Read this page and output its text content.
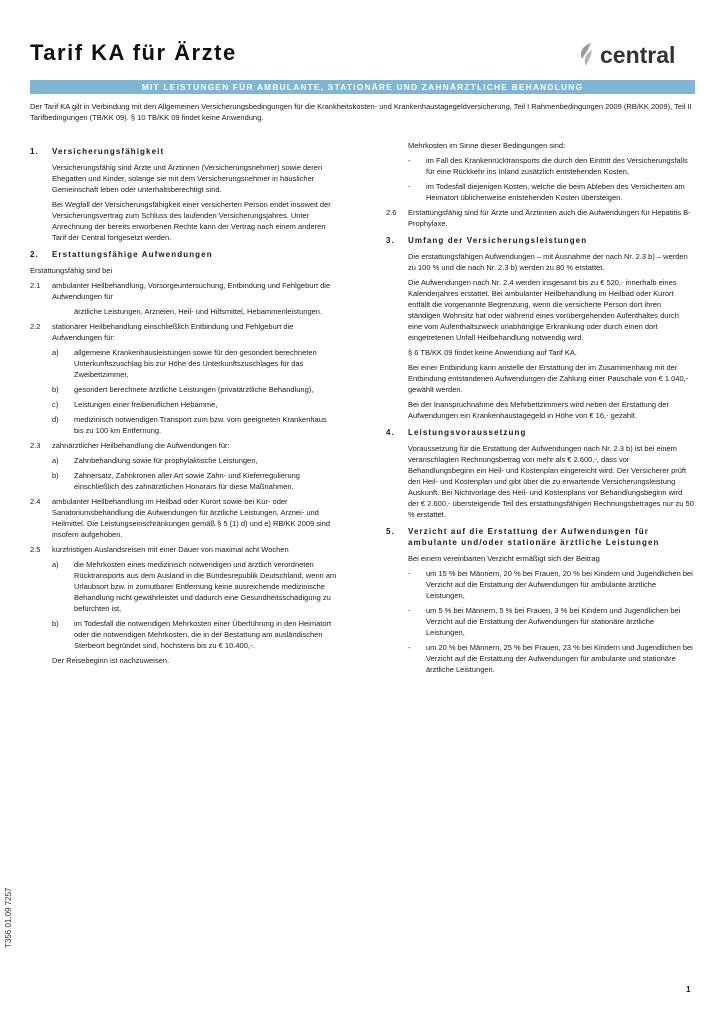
Tarif KA für Ärzte	central
MIT LEISTUNGEN FÜR AMBULANTE, STATIONÄRE UND ZAHNÄRZTLICHE BEHANDLUNG

Der Tarif KA gilt in Verbindung mit den Allgemeinen Versicherungsbedingungen für die Krankheitskosten- und Krankenhaustagegeldversicherung, Teil I Rahmenbedingungen 2009 (RB/KK 2009), Teil II Tarifbedingungen (TB/KK 09). § 10 TB/KK 09 findet keine Anwendung.

1.	Versicherungsfähigkeit

Versicherungsfähig sind Ärzte und Ärztinnen (Versicherungsnehmer) sowie deren Ehegatten und Kinder, solange sie mit dem Versicherungsnehmer in häuslicher Gemeinschaft leben oder unterhaltsberechtigt sind.

Bei Wegfall der Versicherungsfähigkeit einer versicherten Person endet insoweit der Versicherungsvertrag zum Schluss des laufenden Versicherungsjahres. Unter Anrechnung der bereits erworbenen Rechte kann der Vertrag nach einem anderen Tarif der Central fortgesetzt werden.

2.	Erstattungsfähige Aufwendungen

Erstattungsfähig sind bei

2.1	ambulanter Heilbehandlung, Vorsorgeuntersuchung, Entbindung und Fehlgeburt die Aufwendungen für

ärztliche Leistungen, Arzneien, Heil- und Hilfsmittel, Hebammenleistungen.

2.2	stationärer Heilbehandlung einschließlich Entbindung und Fehlgeburt die Aufwendungen für:
a)	allgemeine Krankenhausleistungen sowie für den gesondert berechneten Unterkunftszuschlag bis zur Höhe des Unterkunftszuschlages für das Zweibettzimmer,
b)	gesondert berechnete ärztliche Leistungen (privatärztliche Behandlung),
c)	Leistungen einer freiberuflichen Hebamme,
d)	medizinisch notwendigen Transport zum bzw. vom geeigneten Krankenhaus bis zu 100 km Entfernung.
2.3	zahnärztlicher Heilbehandlung die Aufwendungen für:
a)	Zahnbehandlung sowie für prophylaktische Leistungen,
b)	Zahnersatz, Zahnkronen aller Art sowie Zahn- und Kieferregulierung einschließlich des zahnärztlichen Honorars für diese Maßnahmen.
2.4	ambulanter Heilbehandlung im Heilbad oder Kurort sowie bei Kur- oder Sanatoriumsbehandlung die Aufwendungen für ärztliche Leistungen, Arznei- und Heilmittel. Die Leistungseinschränkungen gemäß § 5 (1) d) und e) RB/KK 2009 sind insofern aufgehoben.
2.5	kurzfristigen Auslandsreisen mit einer Dauer von maximal acht Wochen
a)	die Mehrkosten eines medizinisch notwendigen und ärztlich verordneten Rücktransports aus dem Ausland in die Bundesrepublik Deutschland, wenn am Urlaubsort bzw. in zumutbarer Entfernung keine ausreichende medizinische Behandlung nicht gewährleistet und dadurch eine Gesundheitsschädigung zu befürchten ist,
b)	im Todesfall die notwendigen Mehrkosten einer Überführung in den Heimatort oder die notwendigen Mehrkosten, die in der Bestattung am ausländischen Sterbeort begründet sind, höchstens bis zu € 10.400,-.

Der Reisebeginn ist nachzuweisen.

Mehrkosten im Sinne dieser Bedingungen sind:

-	im Fall des Krankenrücktransports die durch den Eintritt des Versicherungsfalls für eine Rückkehr ins Inland zusätzlich entstehenden Kosten,
-	im Todesfall diejenigen Kosten, welche die beim Ableben des Versicherten am Heimatort üblicherweise entstehenden Kosten übersteigen.
2.6	Erstattungsfähig sind für Ärzte und Ärztinnen auch die Aufwendungen für Hepatitis B-Prophylaxe.
3.	Umfang der Versicherungsleistungen

Die erstattungsfähigen Aufwendungen – mit Ausnahme der nach Nr. 2.3 b) – werden zu 100 % und die nach Nr. 2.3 b) werden zu 80 % erstattet.

Die Aufwendungen nach Nr. 2.4 werden insgesamt bis zu € 520,- innerhalb eines Kalenderjahres erstattet. Bei ambulanter Heilbehandlung im Heilbad oder Kurort entfällt die vorgenannte Begrenzung, wenn die versicherte Person dort ihren ständigen Wohnsitz hat oder während eines vorübergehenden Aufenthaltes durch eine vom Aufenthaltszweck unabhängige Erkrankung oder durch einen dort eingetretenen Unfall Heilbehandlung notwendig wird.

§ 6 TB/KK 09 findet keine Anwendung auf Tarif KA.

Bei einer Entbindung kann anstelle der Erstattung der im Zusammenhang mit der Entbindung entstandenen Aufwendungen die Zahlung einer Pauschale von € 1.040,- gewählt werden.

Bei der Inanspruchnahme des Mehrbettzimmers wird neben der Erstattung der Aufwendungen ein Krankenhaustagegeld in Höhe von € 16,- gezahlt.

4.	Leistungsvoraussetzung

Voraussetzung für die Erstattung der Aufwendungen nach Nr. 2.3 b) ist bei einem veranschlagten Rechnungsbetrag von mehr als € 2.600,-, dass vor Behandlungsbeginn ein Heil- und Kostenplan eingereicht wird. Der Versicherer prüft den Heil- und Kostenplan und gibt über die zu erwartende Versicherungsleistung Auskunft. Bei Nichtvorlage des Heil- und Kostenplans vor Behandlungsbeginn wird der € 2.600,- übersteigende Teil des erstattungsfähigen Rechnungsbetrages nur zu 50 % erstattet.

5.	Verzicht auf die Erstattung der Aufwendungen für ambulante und/oder stationäre ärztliche Leistungen

Bei einem vereinbarten Verzicht ermäßigt sich der Beitrag

-	um 15 % bei Männern, 20 % bei Frauen, 20 % bei Kindern und Jugendlichen bei Verzicht auf die Erstattung der Aufwendungen für ambulante ärztliche Leistungen,
-	um 5 % bei Männern, 5 % bei Frauen, 3 % bei Kindern und Jugendlichen bei Verzicht auf die Erstattung der Aufwendungen für stationäre ärztliche Leistungen,
-	um 20 % bei Männern, 25 % bei Frauen, 23 % bei Kindern und Jugendlichen bei Verzicht auf die Erstattung der Aufwendungen für ambulante und stationäre ärztliche Leistungen.
T356 01.09 7257
1
